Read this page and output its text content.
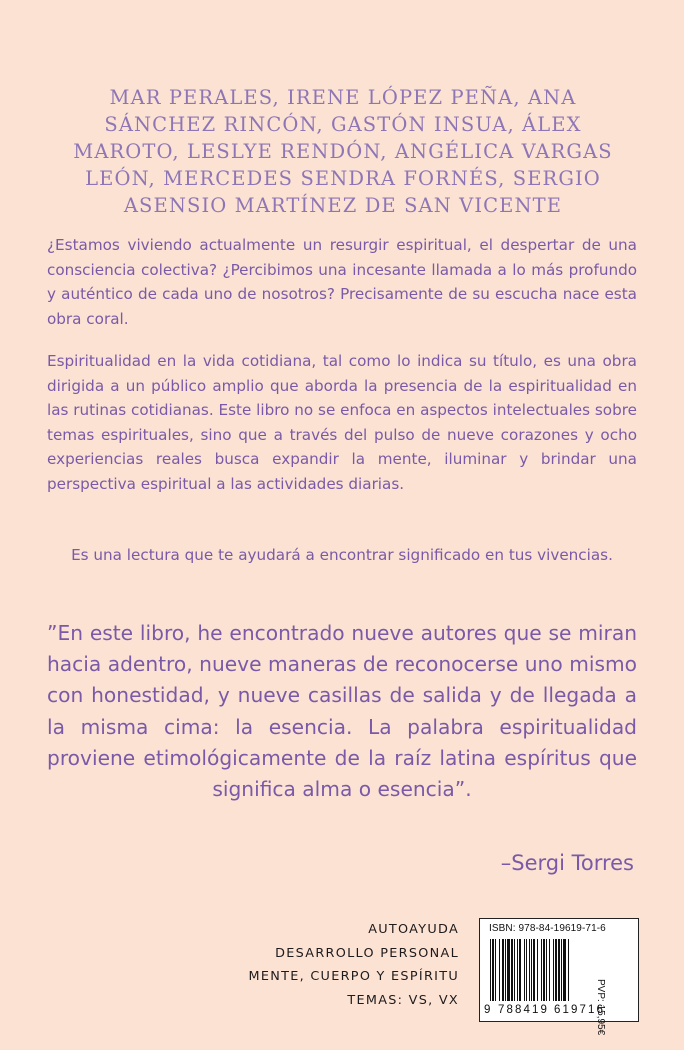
MAR PERALES, IRENE LÓPEZ PEÑA, ANA SÁNCHEZ RINCÓN, GASTÓN INSUA, ÁLEX MAROTO, LESLYE RENDÓN, ANGÉLICA VARGAS LEÓN, MERCEDES SENDRA FORNÉS, SERGIO ASENSIO MARTÍNEZ DE SAN VICENTE
¿Estamos viviendo actualmente un resurgir espiritual, el despertar de una consciencia colectiva? ¿Percibimos una incesante llamada a lo más profundo y auténtico de cada uno de nosotros? Precisamente de su escucha nace esta obra coral.
Espiritualidad en la vida cotidiana, tal como lo indica su título, es una obra dirigida a un público amplio que aborda la presencia de la espiritualidad en las rutinas cotidianas. Este libro no se enfoca en aspectos intelectuales sobre temas espirituales, sino que a través del pulso de nueve corazones y ocho experiencias reales busca expandir la mente, iluminar y brindar una perspectiva espiritual a las actividades diarias.
Es una lectura que te ayudará a encontrar significado en tus vivencias.
”En este libro, he encontrado nueve autores que se miran hacia adentro, nueve maneras de reconocerse uno mismo con honestidad, y nueve casillas de salida y de llegada a la misma cima: la esencia. La palabra espiritualidad proviene etimológicamente de la raíz latina espíritus que significa alma o esencia”.
–Sergi Torres
AUTOAYUDA
DESARROLLO PERSONAL
MENTE, CUERPO Y ESPÍRITU
TEMAS: VS, VX
ISBN: 978-84-19619-71-6
9 788419 619716
PVP: 15,95€
